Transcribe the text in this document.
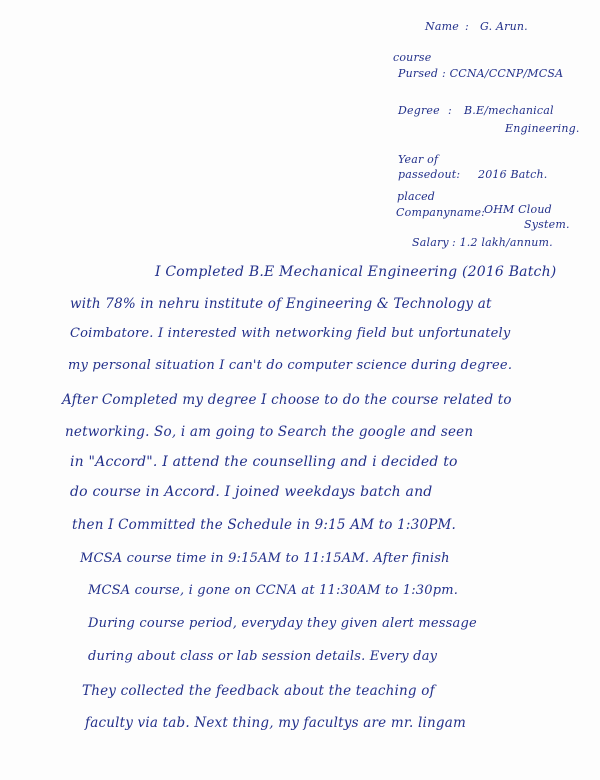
Name : G. Arun.
course
Pursed : CCNA/CCNP/MCSA
Degree : B.E/mechanical
Engineering.
Year of
passedout: 2016 Batch.
placed
Companyname:
OHM Cloud
System.
Salary : 1.2 lakh/annum.
I Completed B.E Mechanical Engineering (2016 Batch)
with 78% in nehru institute of Engineering & Technology at
Coimbatore. I interested with networking field but unfortunately
my personal situation I can't do computer science during degree.
After Completed my degree I choose to do the course related to
networking. So, i am going to Search the google and seen
in "Accord". I attend the counselling and i decided to
do course in Accord. I joined weekdays batch and
then I Committed the Schedule in 9:15 AM to 1:30PM.
MCSA course time in 9:15AM to 11:15AM. After finish
MCSA course, i gone on CCNA at 11:30AM to 1:30pm.
During course period, everyday they given alert message
during about class or lab session details. Every day
They collected the feedback about the teaching of
faculty via tab. Next thing, my facultys are mr. lingam
